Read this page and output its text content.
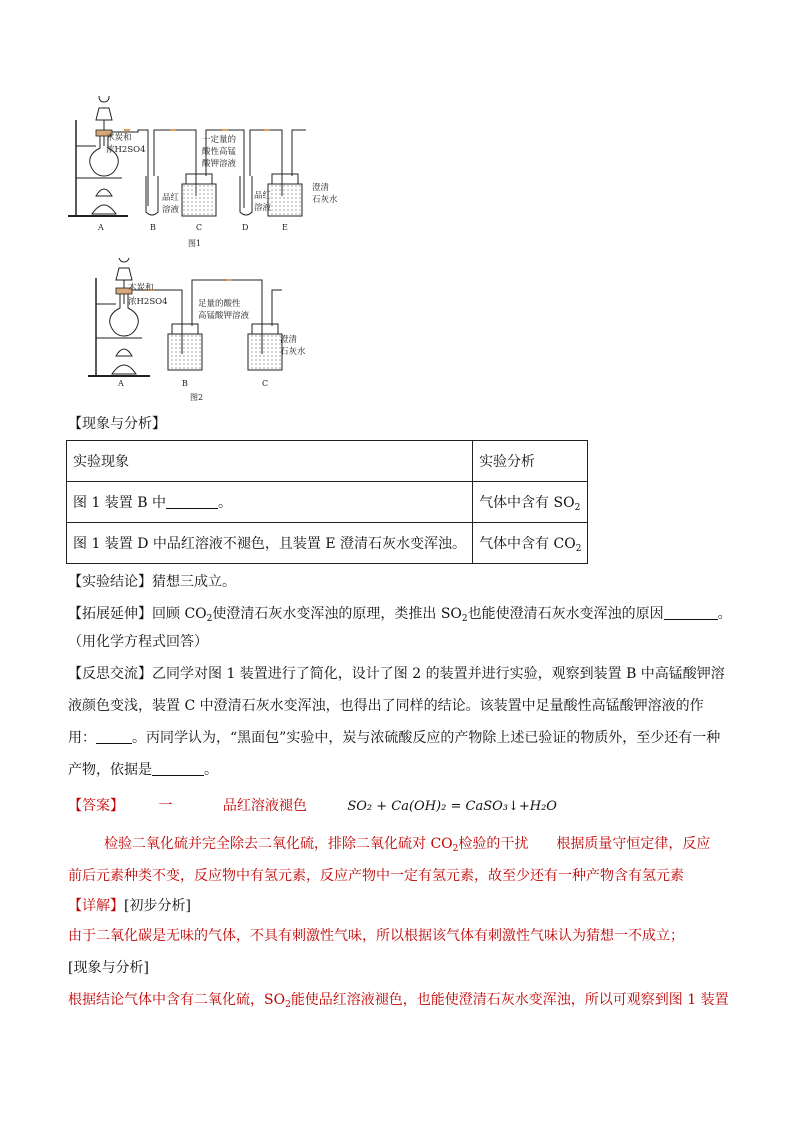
木炭和
浓H2SO4
一定量的
酸性高锰
酸钾溶液
品红
溶液
品红
溶液
澄清
石灰水
A	B	C	D	E
图1
木炭和
浓H2SO4	足量的酸性
高锰酸钾溶液
澄清
石灰水
A	B	C
图2
【现象与分析】
实验现象	实验分析
图 1 装置 B 中 。	气体中含有 $SO_2$
图 1 装置 D 中品红溶液不褪色，且装置 E 澄清石灰水变浑浊。	气体中含有 $CO_2$
【实验结论】猜想三成立。
【拓展延伸】回顾 $CO_2$使澄清石灰水变浑浊的原理，类推出 $SO_2$也能使澄清石灰水变浑浊的原因	。
（用化学方程式回答）
【反思交流】乙同学对图 1 装置进行了简化，设计了图 2 的装置并进行实验，观察到装置 B 中高锰酸钾溶
液颜色变浅，装置 C 中澄清石灰水变浑浊，也得出了同样的结论。该装置中足量酸性高锰酸钾溶液的作
用：	。丙同学认为，“黑面包”实验中，炭与浓硫酸反应的产物除上述已验证的物质外，至少还有一种
产物，依据是	。
【答案】 一	品红溶液褪色	SO₂ + Ca(OH)₂ = CaSO₃↓+H₂O
检验二氧化硫并完全除去二氧化硫，排除二氧化硫对 $CO_2$检验的干扰 根据质量守恒定律，反应
前后元素种类不变，反应物中有氢元素，反应产物中一定有氢元素，故至少还有一种产物含有氢元素
【详解】[初步分析]
由于二氧化碳是无味的气体，不具有刺激性气味，所以根据该气体有刺激性气味认为猜想一不成立；
[现象与分析]
根据结论气体中含有二氧化硫，$SO_2$能使品红溶液褪色，也能使澄清石灰水变浑浊，所以可观察到图 1 装置
